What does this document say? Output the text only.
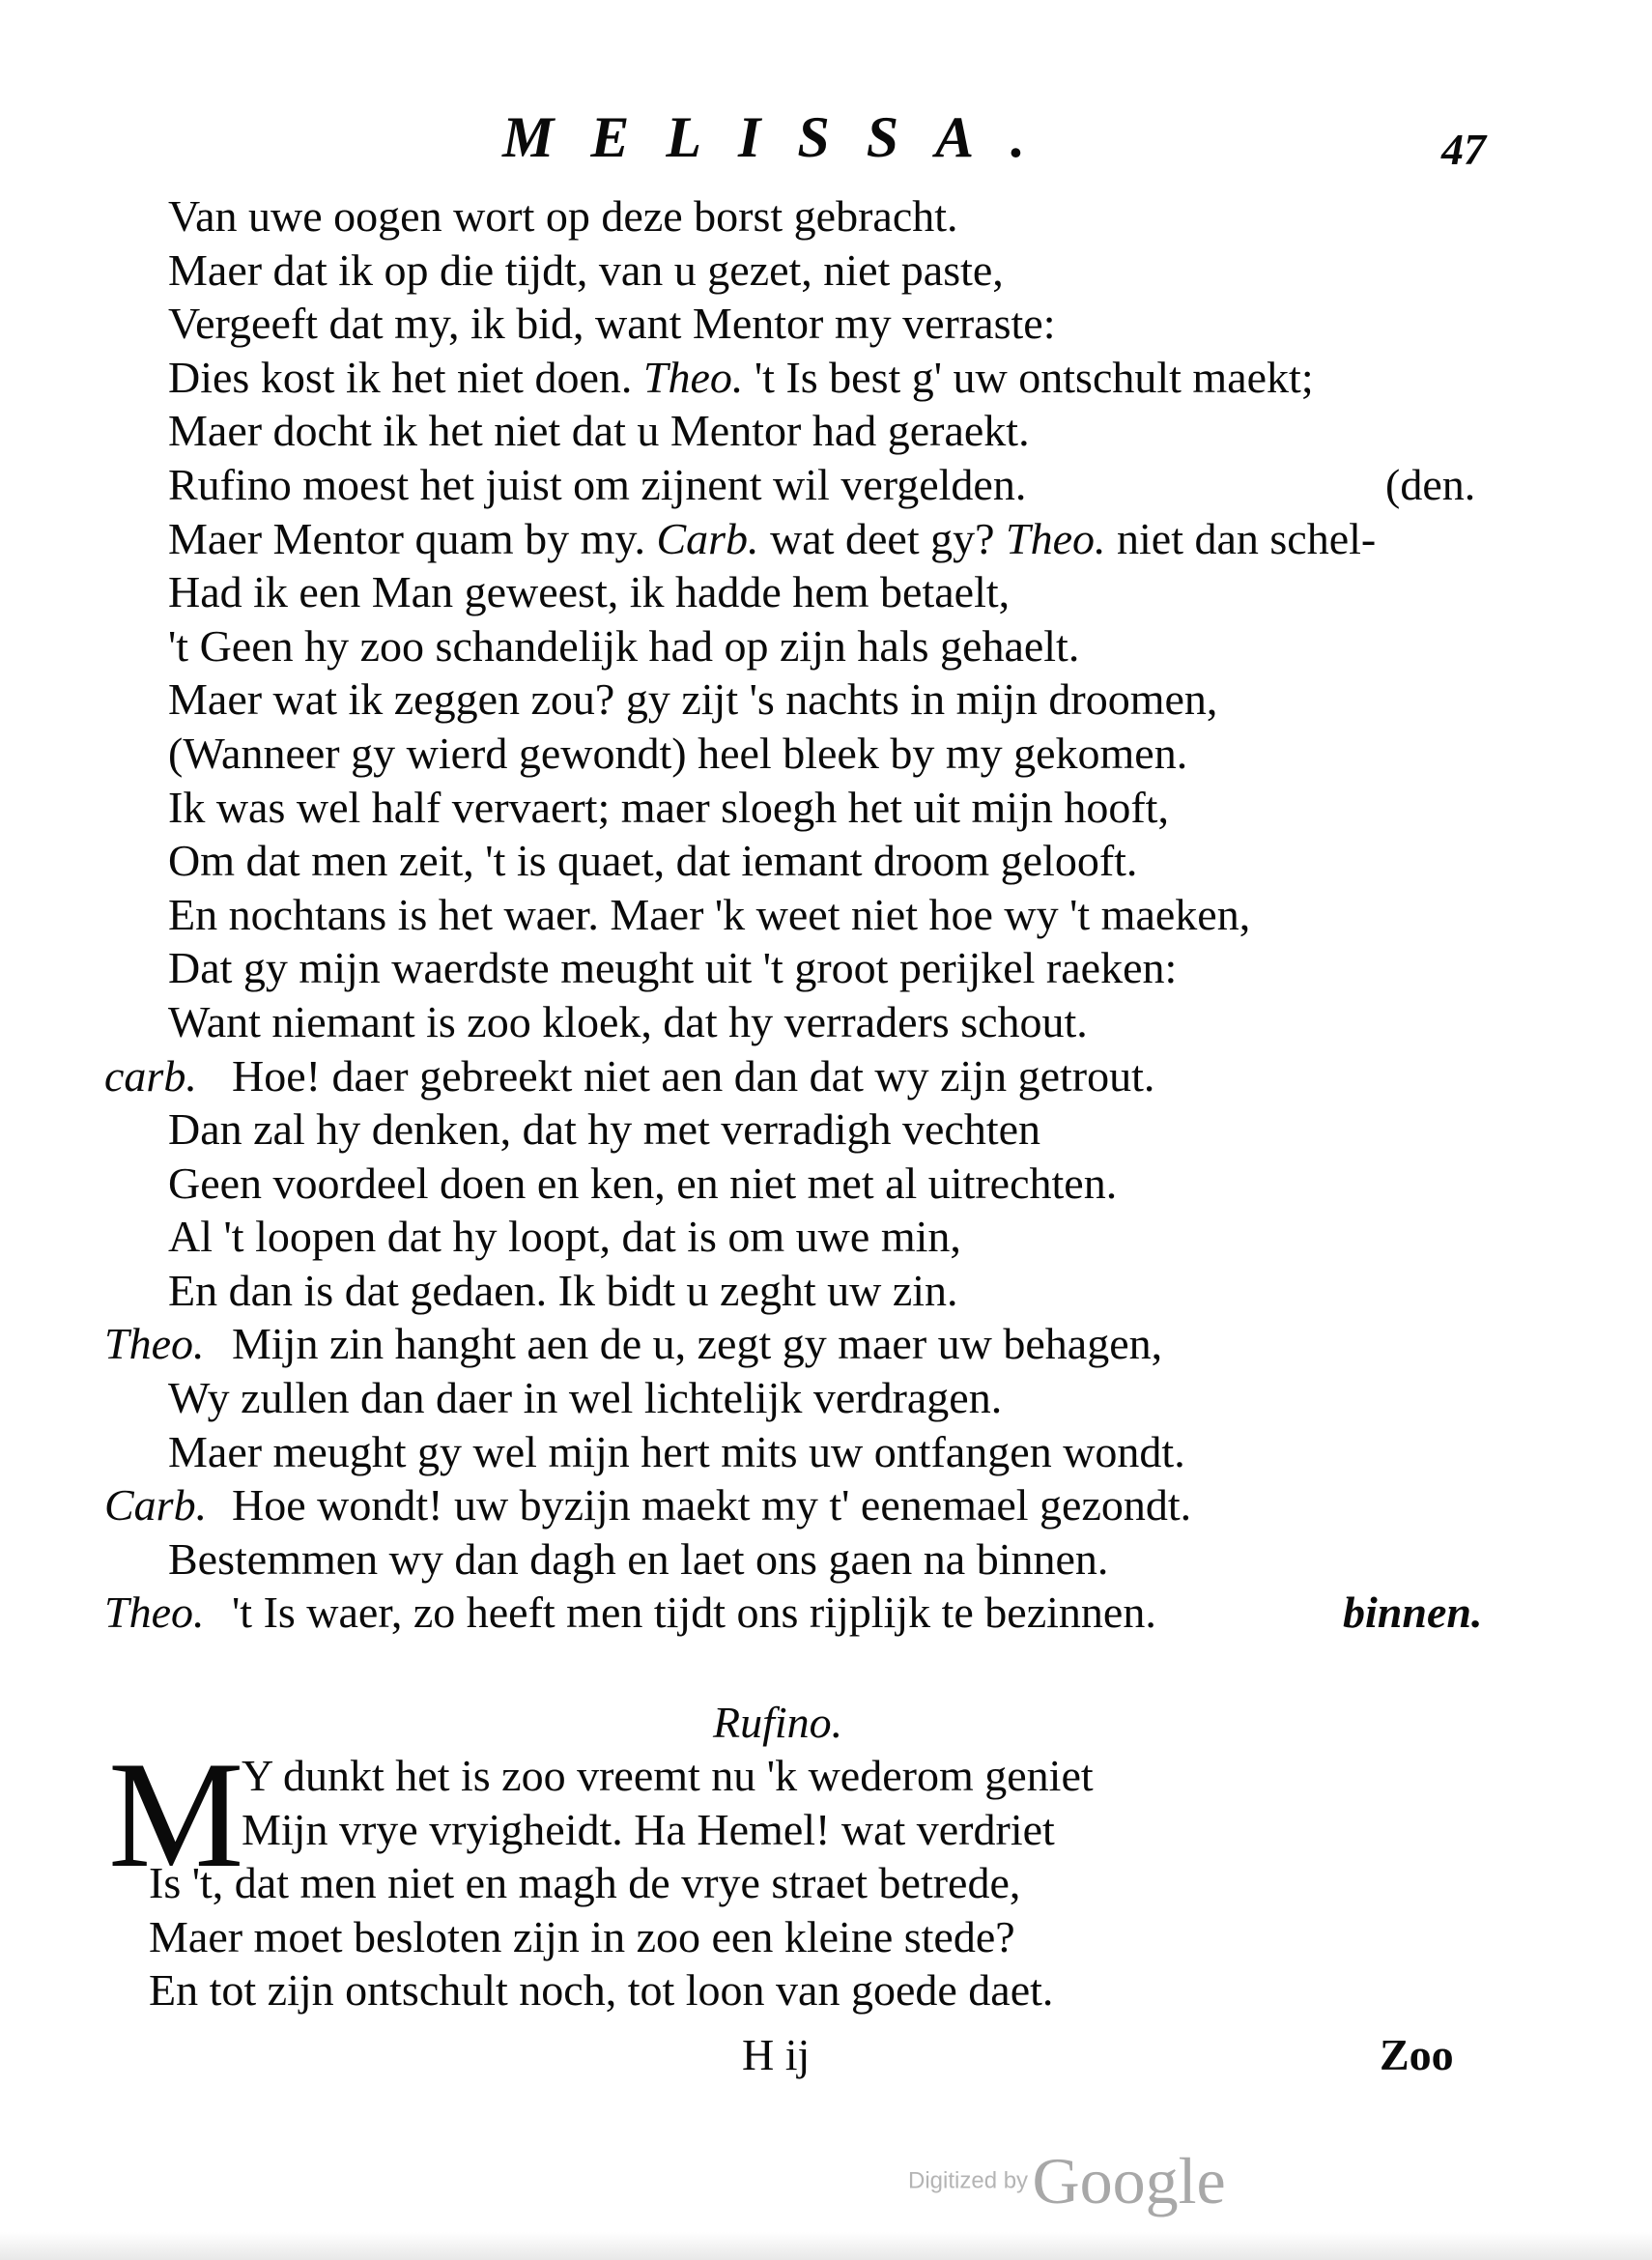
MELISSA.	47
Van uwe oogen wort op deze borst gebracht.
Maer dat ik op die tijdt, van u gezet, niet paste,
Vergeeft dat my, ik bid, want Mentor my verraste:
Dies kost ik het niet doen. Theo. 't Is best g' uw ontschult maekt;
Maer docht ik het niet dat u Mentor had geraekt.
Rufino moest het juist om zijnent wil vergelden.	(den.
Maer Mentor quam by my. Carb. wat deet gy? Theo. niet dan schel-
Had ik een Man geweest, ik hadde hem betaelt,
't Geen hy zoo schandelijk had op zijn hals gehaelt.
Maer wat ik zeggen zou? gy zijt 's nachts in mijn droomen,
(Wanneer gy wierd gewondt) heel bleek by my gekomen.
Ik was wel half vervaert; maer sloegh het uit mijn hooft,
Om dat men zeit, 't is quaet, dat iemant droom gelooft.
En nochtans is het waer. Maer 'k weet niet hoe wy 't maeken,
Dat gy mijn waerdste meught uit 't groot perijkel raeken:
Want niemant is zoo kloek, dat hy verraders schout.
carb. Hoe! daer gebreekt niet aen dan dat wy zijn getrout.
Dan zal hy denken, dat hy met verradigh vechten
Geen voordeel doen en ken, en niet met al uitrechten.
Al 't loopen dat hy loopt, dat is om uwe min,
En dan is dat gedaen. Ik bidt u zeght uw zin.
Theo. Mijn zin hanght aen de u, zegt gy maer uw behagen,
Wy zullen dan daer in wel lichtelijk verdragen.
Maer meught gy wel mijn hert mits uw ontfangen wondt.
Carb. Hoe wondt! uw byzijn maekt my t' eenemael gezondt.
Bestemmen wy dan dagh en laet ons gaen na binnen.
Theo. 't Is waer, zo heeft men tijdt ons rijplijk te bezinnen.	binnen.
Rufino.
M
Y dunkt het is zoo vreemt nu 'k wederom geniet
Mijn vrye vryigheidt. Ha Hemel! wat verdriet
Is 't, dat men niet en magh de vrye straet betrede,
Maer moet besloten zijn in zoo een kleine stede?
En tot zijn ontschult noch, tot loon van goede daet.
H ij	Zoo
Digitized by Google
